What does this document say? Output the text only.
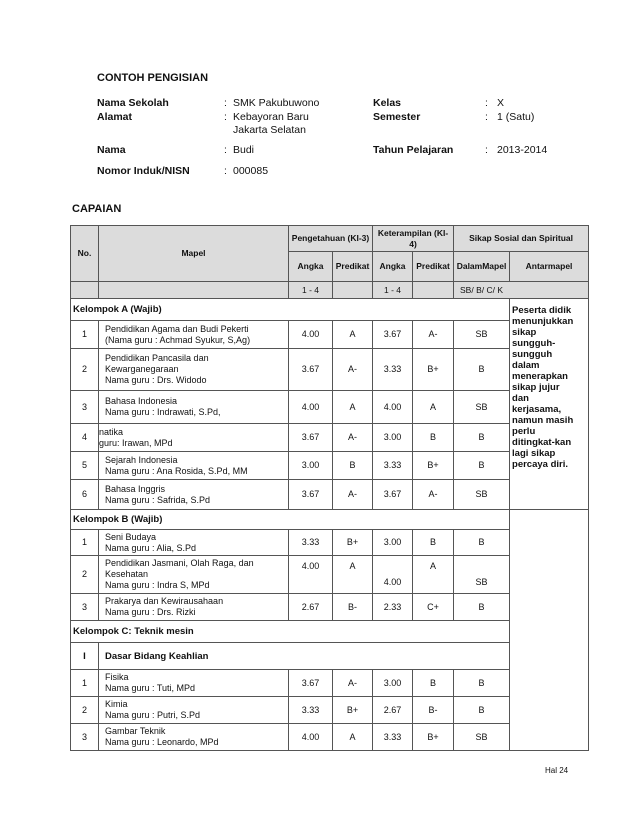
CONTOH PENGISIAN
Nama Sekolah	: SMK Pakubuwono	Kelas	: X
Alamat	: Kebayoran Baru
Jakarta Selatan
Semester	: 1 (Satu)
Nama	: Budi	Tahun Pelajaran	: 2013-2014
Nomor Induk/NISN	: 000085
CAPAIAN
No.	Mapel	Pengetahuan (KI-3)		Keterampilan (KI-4)		Sikap Sosial dan Spiritual	
		Angka	Predikat	Angka	Predikat	DalamMapel	Antarmapel
		1 - 4		1 - 4		SB/ B/ C/ K	
Kelompok A (Wajib)							Peserta didik menunjukkan sikap sungguh-sungguh dalam menerapkan sikap jujur dan kerjasama, namun masih perlu ditingkat-kan lagi sikap percaya diri.

1	Pendidikan Agama dan Budi Pekerti
(Nama guru : Achmad Syukur, S,Ag)	4.00	A	3.67	A-	SB	
2	Pendidikan Pancasila dan
Kewarganegaraan
Nama guru : Drs. Widodo	3.67	A-	3.33	B+	B	
3	Bahasa Indonesia
Nama guru : Indrawati, S.Pd,	4.00	A	4.00	A	SB	
4	natika
guru: Irawan, MPd	3.67	A-	3.00	B	B	
5	Sejarah Indonesia
Nama guru : Ana Rosida, S.Pd, MM	3.00	B	3.33	B+	B	
6	Bahasa Inggris
Nama guru : Safrida, S.Pd	3.67	A-	3.67	A-	SB	
Kelompok B (Wajib)							
1	Seni Budaya
Nama guru : Alia, S.Pd	3.33	B+	3.00	B	B	
2	Pendidikan Jasmani, Olah Raga, dan
Kesehatan
Nama guru : Indra S, MPd	4.00	A	4.00	A	SB	
3	Prakarya dan Kewirausahaan
Nama guru : Drs. Rizki	2.67	B-	2.33	C+	B	
Kelompok C: Teknik mesin							
I	Dasar Bidang Keahlian						
1	Fisika
Nama guru : Tuti, MPd	3.67	A-	3.00	B	B	
2	Kimia
Nama guru : Putri, S.Pd	3.33	B+	2.67	B-	B	
3	Gambar Teknik
Nama guru : Leonardo, MPd	4.00	A	3.33	B+	SB	
Hal 24
